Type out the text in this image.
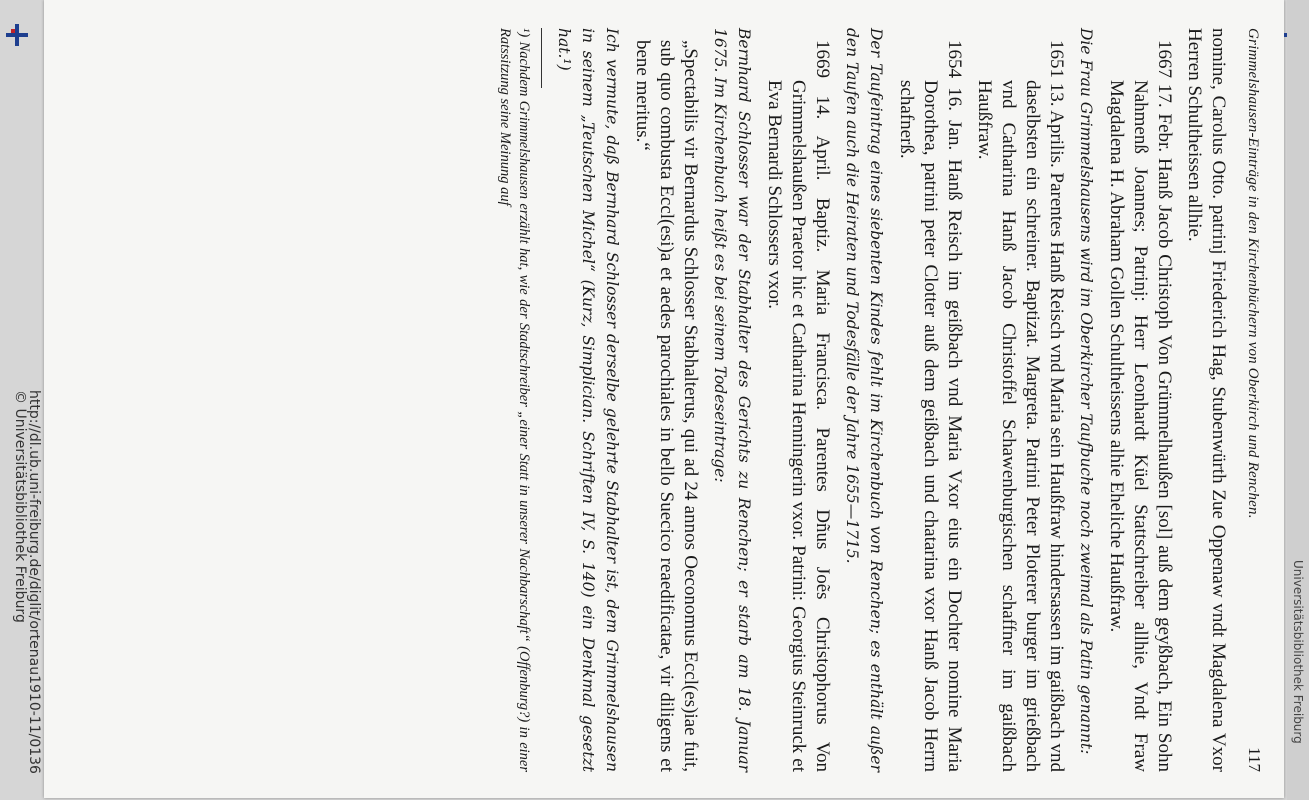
http://dl.ub.uni-freiburg.de/diglit/ortenau1910-11/0136
© Universitätsbibliothek Freiburg	Grimmelshausen-Einträge in den Kirchenbüchern von Oberkirch und Renchen.
117

nomine, Carolus Otto. patrinj Friederich Hag, Stubenwürth Zue Oppenaw vndt Magdalena Vxor Herren Schultheissen allhie.

1667 17. Febr. Hanß Jacob Christoph Von Grümmelhaußen [sol] auß dem geyßbach, Ein Sohn Nahmenß Joannes; Patrinj: Herr Leonhardt Küel Stattschreiber allhie, Vndt Fraw Magdalena H. Abraham Gollen Schultheissens alhie Eheliche Haußfraw.

Die Frau Grimmelshausens wird im Oberkircher Taufbuche noch zweimal als Patin genannt:

1651 13. Aprilis. Parentes Hanß Reisch vnd Maria sein Haußfraw hindersassen im gaißbach vnd daselbsten ein schreiner. Baptizat. Margreta. Patrini Peter Ploterer burger im grießbach vnd Catharina Hanß Jacob Christoffel Schawenburgischen schaffner im gaißbach Haußfraw.

1654 16. Jan. Hanß Reisch im geißbach vnd Maria Vxor eius ein Dochter nomine Maria Dorothea, patrini peter Clotter auß dem geißbach und chatarina vxor Hanß Jacob Herrn schafnerß.

Der Taufeintrag eines siebenten Kindes fehlt im Kirchenbuch von Renchen; es enthält außer den Taufen auch die Heiraten und Todesfälle der Jahre 1655—1715.

1669 14. April. Baptiz. Maria Francisca. Parentes Dñus Joẽs Christophorus Von Grimmelshaußen Praetor hic et Catharina Henningerin vxor. Patrini: Georgius Steinruck et Eva Bernardi Schlossers vxor.

Bernhard Schlosser war der Stabhalter des Gerichts zu Renchen; er starb am 18. Januar 1675. Im Kirchenbuch heißt es bei seinem Todeseintrage:

„Spectabilis vir Bernardus Schlosser Stabhalterus, qui ad 24 annos Oeconomus Eccl(es)iae fuit, sub quo combusta Eccl(esi)a et aedes parochiales in bello Suecico reaedificatae, vir diligens et bene meritus.“

Ich vermute, daß Bernhard Schlosser derselbe gelehrte Stabhalter ist, dem Grimmelshausen in seinem „Teutschen Michel“ (Kurz, Simplician. Schriften IV, S. 140) ein Denkmal gesetzt hat.¹)

¹) Nachdem Grimmelshausen erzählt hat, wie der Stadtschreiber „einer Statt in unserer Nachbarschaft“ (Offenburg?) in einer Ratssitzung seine Meinung auf

Universitätsbibliothek Freiburg
